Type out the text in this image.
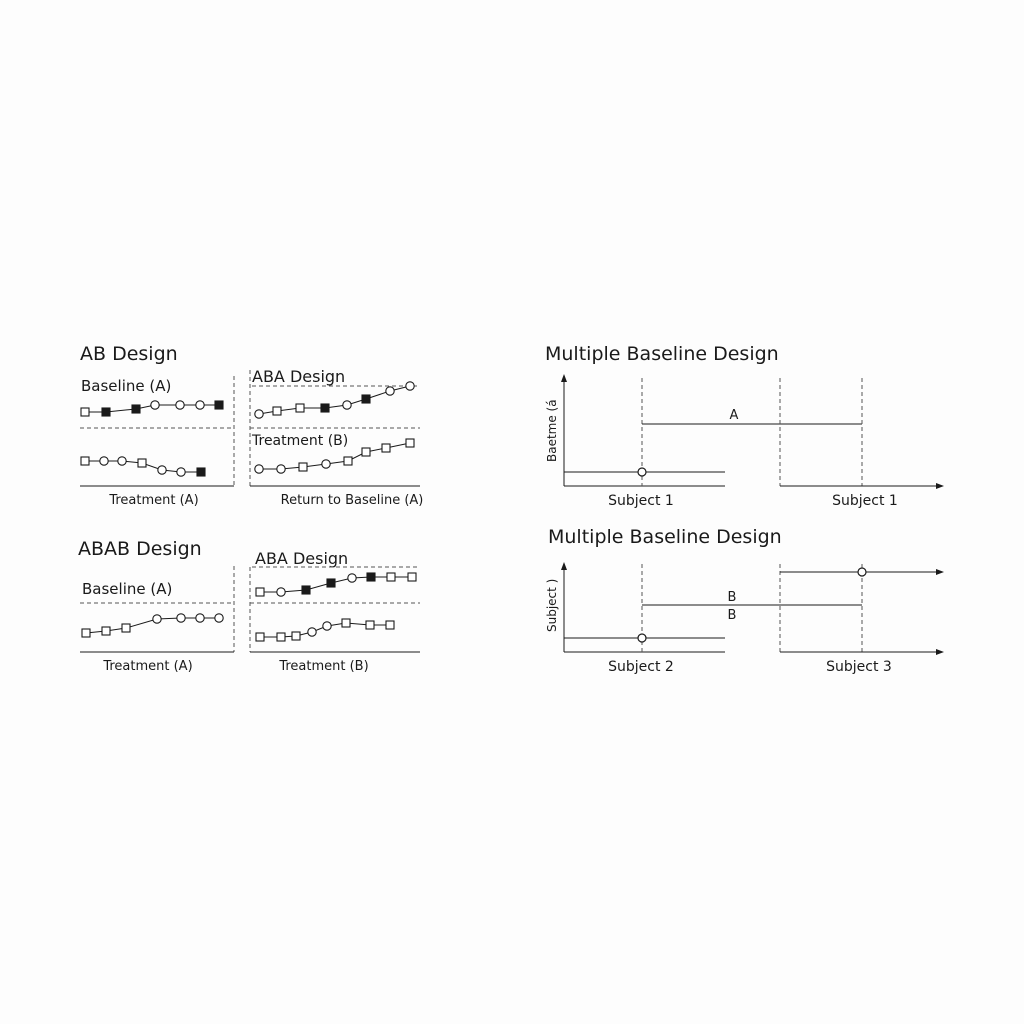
AB Design
Baseline (A)
Treatment (A)
ABA Design
Treatment (B)
Return to Baseline (A)
ABAB Design
Baseline (A)
Treatment (A)
ABA Design
Treatment (B)
Multiple Baseline Design
Baetme (á	A
Subject 1	Subject 1
Multiple Baseline Design
Subject )	B
B
Subject 2	Subject 3
